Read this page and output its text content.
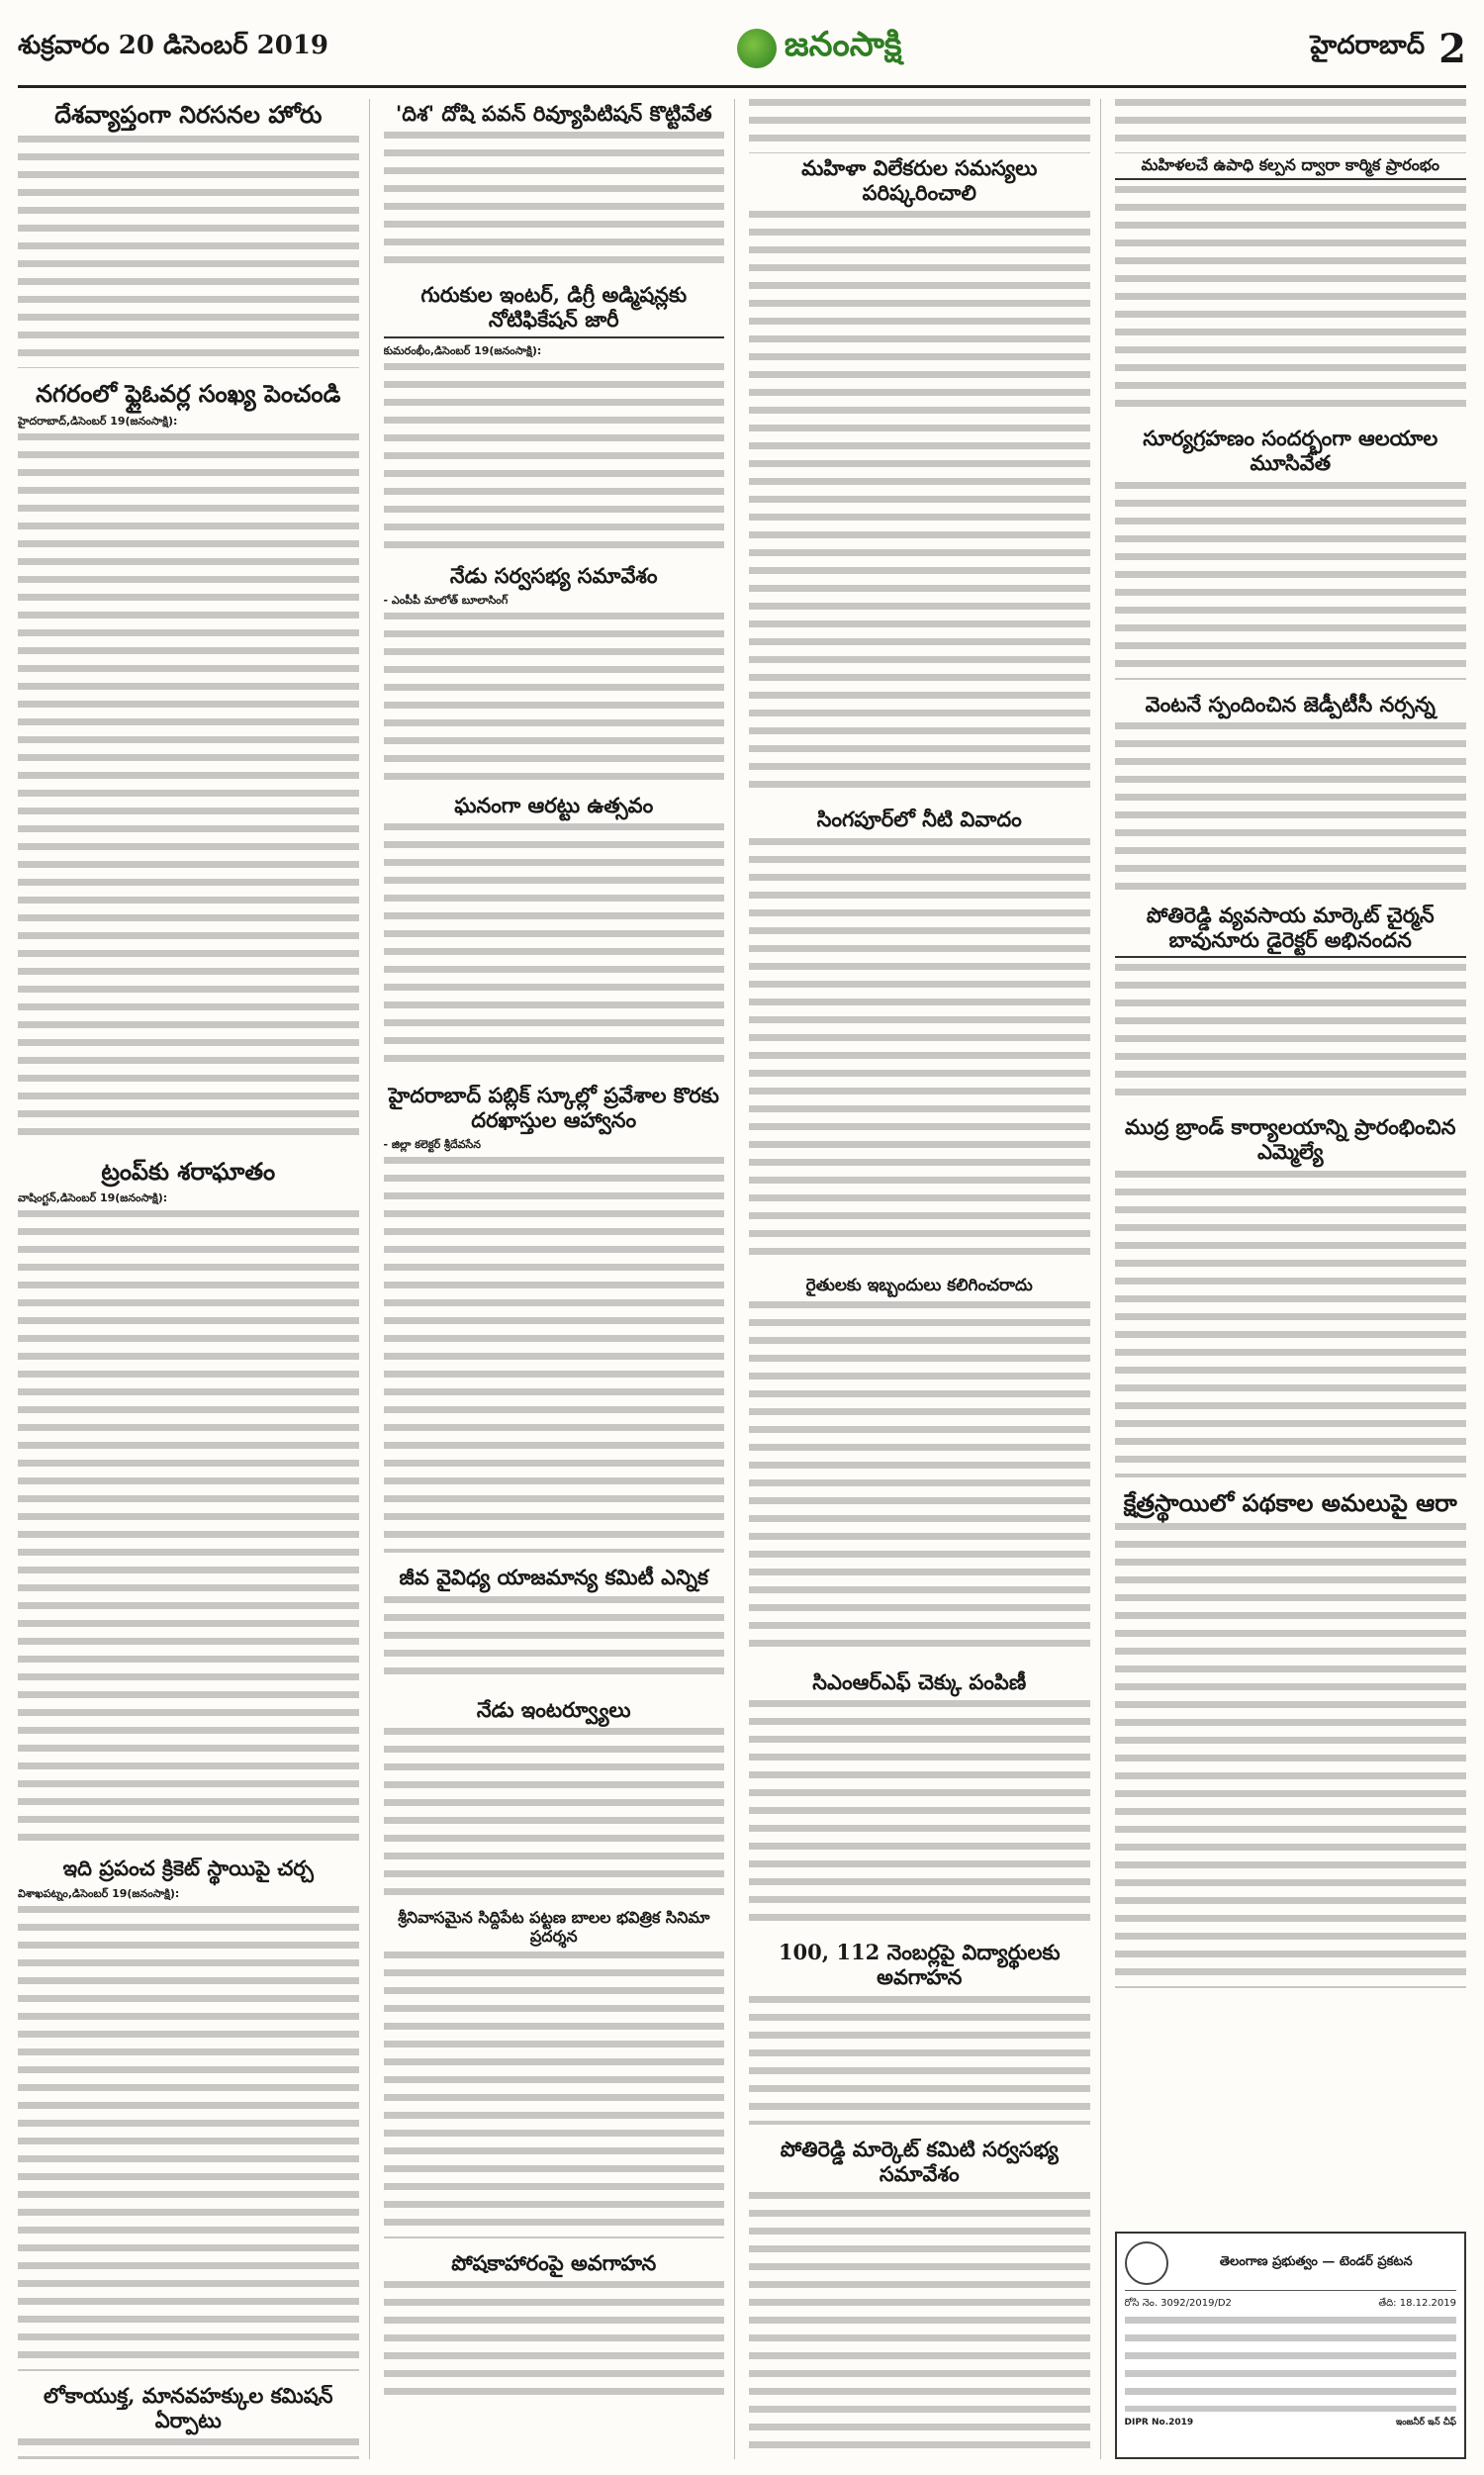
శుక్రవారం 20 డిసెంబర్ 2019	జనంసాక్షి	హైదరాబాద్ 2
దేశవ్యాప్తంగా నిరసనల హోరు
నగరంలో ఫ్లైఓవర్ల సంఖ్య పెంచండి
హైదరాబాద్,డిసెంబర్ 19(జనంసాక్షి):
ట్రంప్‌కు శరాఘాతం
వాషింగ్టన్,డిసెంబర్ 19(జనంసాక్షి):
ఇది ప్రపంచ క్రికెట్ స్థాయిపై చర్చ
విశాఖపట్నం,డిసెంబర్ 19(జనంసాక్షి):
లోకాయుక్త, మానవహక్కుల కమిషన్ ఏర్పాటు
'దిశ' దోషి పవన్ రివ్యూపిటిషన్ కొట్టివేత
గురుకుల ఇంటర్, డిగ్రీ అడ్మిషన్లకు నోటిఫికేషన్ జారీ
కుమరంభీం,డిసెంబర్ 19(జనంసాక్షి):
నేడు సర్వసభ్య సమావేశం
- ఎంపీపీ మాలోత్ బూలాసింగ్
ఘనంగా ఆరట్టు ఉత్సవం
హైదరాబాద్ పబ్లిక్ స్కూల్లో ప్రవేశాల కొరకు దరఖాస్తుల ఆహ్వానం
- జిల్లా కలెక్టర్ శ్రీదేవసేన
జీవ వైవిధ్య యాజమాన్య కమిటీ ఎన్నిక
నేడు ఇంటర్వ్యూలు
శ్రీనివాసమైన సిద్దిపేట పట్టణ బాలల భవిత్రిక సినిమా ప్రదర్శన
పోషకాహారంపై అవగాహన
మహిళా విలేకరుల సమస్యలు పరిష్కరించాలి
సింగపూర్‌లో నీటి వివాదం
రైతులకు ఇబ్బందులు కలిగించరాదు
సిఎంఆర్‌ఎఫ్ చెక్కు పంపిణీ
100, 112 నెంబర్లపై విద్యార్థులకు అవగాహన
పోతిరెడ్డి మార్కెట్ కమిటి సర్వసభ్య సమావేశం
మహిళలచే ఉపాధి కల్పన ద్వారా కార్మిక ప్రారంభం
సూర్యగ్రహణం సందర్భంగా ఆలయాల మూసివేత
వెంటనే స్పందించిన జెడ్పీటీసీ నర్సన్న
పోతిరెడ్డి వ్యవసాయ మార్కెట్ చైర్మన్ బావునూరు డైరెక్టర్ అభినందన
ముద్ర బ్రాండ్ కార్యాలయాన్ని ప్రారంభించిన ఎమ్మెల్యే
క్షేత్రస్థాయిలో పథకాల అమలుపై ఆరా
తెలంగాణ ప్రభుత్వం — టెండర్ ప్రకటన
రోసి నెం. 3092/2019/D2	తేది: 18.12.2019
DIPR No.2019	ఇంజనీర్ ఇన్ చీఫ్
